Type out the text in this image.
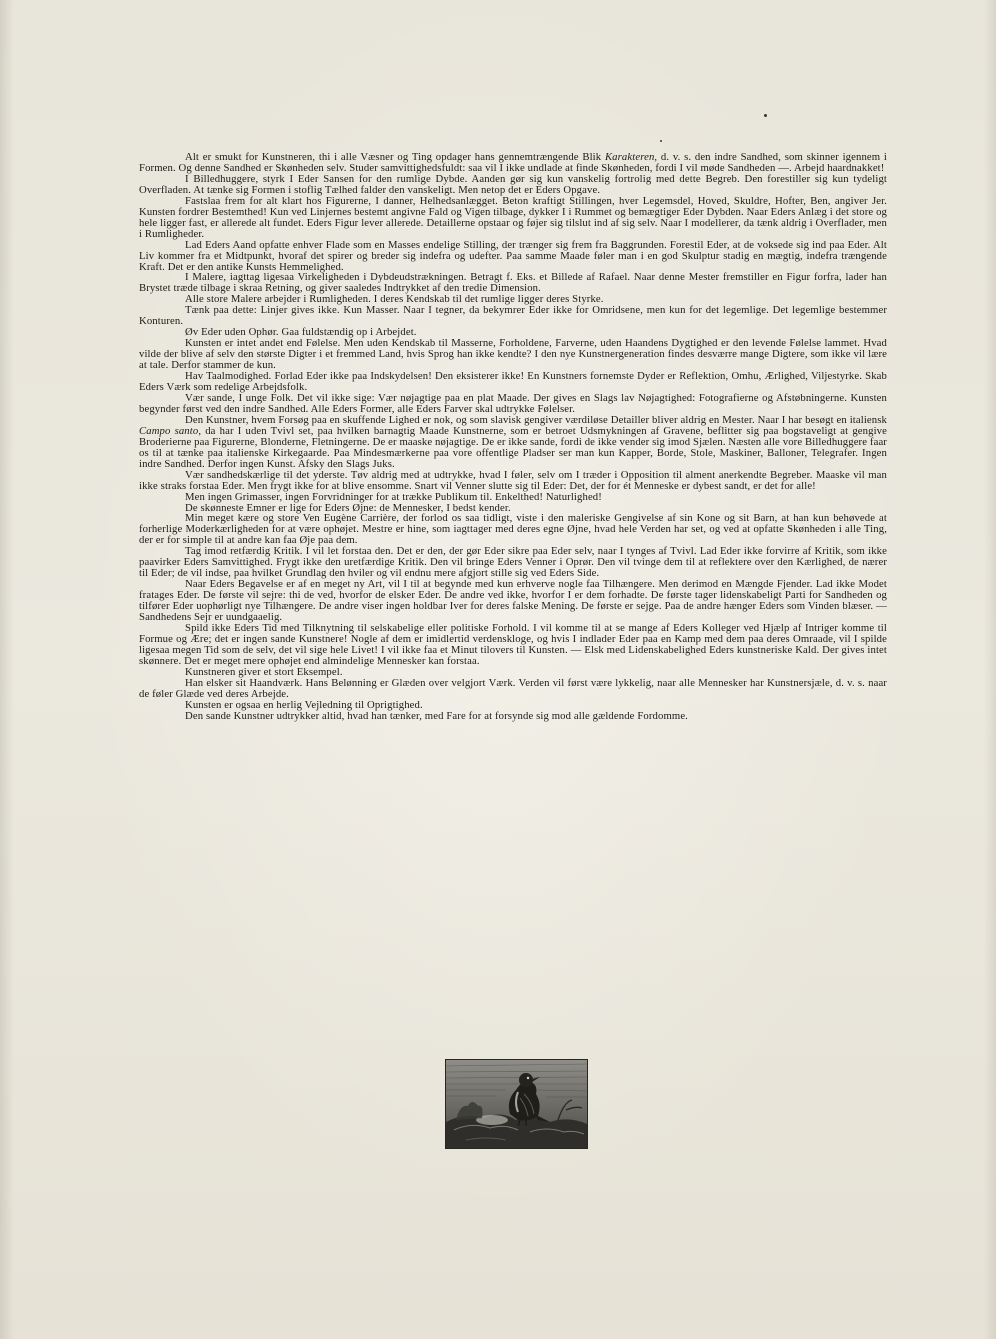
Alt er smukt for Kunstneren, thi i alle Væsner og Ting opdager hans gennemtrængende Blik Karakteren, d. v. s. den indre Sandhed, som skinner igennem i Formen. Og denne Sandhed er Skønheden selv. Studer samvittighedsfuldt: saa vil I ikke undlade at finde Skønheden, fordi I vil møde Sandheden —. Arbejd haardnakket!

I Billedhuggere, styrk I Eder Sansen for den rumlige Dybde. Aanden gør sig kun vanskelig fortrolig med dette Begreb. Den forestiller sig kun tydeligt Overfladen. At tænke sig Formen i stoflig Tælhed falder den vanskeligt. Men netop det er Eders Opgave.

Fastslaa frem for alt klart hos Figurerne, I danner, Helhedsanlægget. Beton kraftigt Stillingen, hver Legemsdel, Hoved, Skuldre, Hofter, Ben, angiver Jer. Kunsten fordrer Bestemthed! Kun ved Linjernes bestemt angivne Fald og Vigen tilbage, dykker I i Rummet og bemægtiger Eder Dybden. Naar Eders Anlæg i det store og hele ligger fast, er allerede alt fundet. Eders Figur lever allerede. Detaillerne opstaar og føjer sig tilslut ind af sig selv. Naar I modellerer, da tænk aldrig i Overflader, men i Rumligheder.

Lad Eders Aand opfatte enhver Flade som en Masses endelige Stilling, der trænger sig frem fra Baggrunden. Forestil Eder, at de voksede sig ind paa Eder. Alt Liv kommer fra et Midtpunkt, hvoraf det spirer og breder sig indefra og udefter. Paa samme Maade føler man i en god Skulptur stadig en mægtig, indefra trængende Kraft. Det er den antike Kunsts Hemmelighed.

I Malere, iagttag ligesaa Virkeligheden i Dybdeudstrækningen. Betragt f. Eks. et Billede af Rafael. Naar denne Mester fremstiller en Figur forfra, lader han Brystet træde tilbage i skraa Retning, og giver saaledes Indtrykket af den tredie Dimension.

Alle store Malere arbejder i Rumligheden. I deres Kendskab til det rumlige ligger deres Styrke.

Tænk paa dette: Linjer gives ikke. Kun Masser. Naar I tegner, da bekymrer Eder ikke for Omridsene, men kun for det legemlige. Det legemlige bestemmer Konturen.

Øv Eder uden Ophør. Gaa fuldstændig op i Arbejdet.

Kunsten er intet andet end Følelse. Men uden Kendskab til Masserne, Forholdene, Farverne, uden Haandens Dygtighed er den levende Følelse lammet. Hvad vilde der blive af selv den største Digter i et fremmed Land, hvis Sprog han ikke kendte? I den nye Kunstnergeneration findes desværre mange Digtere, som ikke vil lære at tale. Derfor stammer de kun.

Hav Taalmodighed. Forlad Eder ikke paa Indskydelsen! Den eksisterer ikke! En Kunstners fornemste Dyder er Reflektion, Omhu, Ærlighed, Viljestyrke. Skab Eders Værk som redelige Arbejdsfolk.

Vær sande, I unge Folk. Det vil ikke sige: Vær nøjagtige paa en plat Maade. Der gives en Slags lav Nøjagtighed: Fotografierne og Afstøbningerne. Kunsten begynder først ved den indre Sandhed. Alle Eders Former, alle Eders Farver skal udtrykke Følelser.

Den Kunstner, hvem Forsøg paa en skuffende Lighed er nok, og som slavisk gengiver værdiløse Detailler bliver aldrig en Mester. Naar I har besøgt en italiensk Campo santo, da har I uden Tvivl set, paa hvilken barnagtig Maade Kunstnerne, som er betroet Udsmykningen af Gravene, beflitter sig paa bogstaveligt at gengive Broderierne paa Figurerne, Blonderne, Fletningerne. De er maaske nøjagtige. De er ikke sande, fordi de ikke vender sig imod Sjælen. Næsten alle vore Billedhuggere faar os til at tænke paa italienske Kirkegaarde. Paa Mindesmærkerne paa vore offentlige Pladser ser man kun Kapper, Borde, Stole, Maskiner, Balloner, Telegrafer. Ingen indre Sandhed. Derfor ingen Kunst. Afsky den Slags Juks.

Vær sandhedskærlige til det yderste. Tøv aldrig med at udtrykke, hvad I føler, selv om I træder i Opposition til alment anerkendte Begreber. Maaske vil man ikke straks forstaa Eder. Men frygt ikke for at blive ensomme. Snart vil Venner slutte sig til Eder: Det, der for ét Menneske er dybest sandt, er det for alle!

Men ingen Grimasser, ingen Forvridninger for at trække Publikum til. Enkelthed! Naturlighed!

De skønneste Emner er lige for Eders Øjne: de Mennesker, I bedst kender.

Min meget kære og store Ven Eugène Carrière, der forlod os saa tidligt, viste i den maleriske Gengivelse af sin Kone og sit Barn, at han kun behøvede at forherlige Moderkærligheden for at være ophøjet. Mestre er hine, som iagttager med deres egne Øjne, hvad hele Verden har set, og ved at opfatte Skønheden i alle Ting, der er for simple til at andre kan faa Øje paa dem.

Tag imod retfærdig Kritik. I vil let forstaa den. Det er den, der gør Eder sikre paa Eder selv, naar I tynges af Tvivl. Lad Eder ikke forvirre af Kritik, som ikke paavirker Eders Samvittighed. Frygt ikke den uretfærdige Kritik. Den vil bringe Eders Venner i Oprør. Den vil tvinge dem til at reflektere over den Kærlighed, de nærer til Eder; de vil indse, paa hvilket Grundlag den hviler og vil endnu mere afgjort stille sig ved Eders Side.

Naar Eders Begavelse er af en meget ny Art, vil I til at begynde med kun erhverve nogle faa Tilhængere. Men derimod en Mængde Fjender. Lad ikke Modet fratages Eder. De første vil sejre: thi de ved, hvorfor de elsker Eder. De andre ved ikke, hvorfor I er dem forhadte. De første tager lidenskabeligt Parti for Sandheden og tilfører Eder uophørligt nye Tilhængere. De andre viser ingen holdbar Iver for deres falske Mening. De første er sejge. Paa de andre hænger Eders som Vinden blæser. — Sandhedens Sejr er uundgaaelig.

Spild ikke Eders Tid med Tilknytning til selskabelige eller politiske Forhold. I vil komme til at se mange af Eders Kolleger ved Hjælp af Intriger komme til Formue og Ære; det er ingen sande Kunstnere! Nogle af dem er imidlertid verdenskloge, og hvis I indlader Eder paa en Kamp med dem paa deres Omraade, vil I spilde ligesaa megen Tid som de selv, det vil sige hele Livet! I vil ikke faa et Minut tilovers til Kunsten. — Elsk med Lidenskabelighed Eders kunstneriske Kald. Der gives intet skønnere. Det er meget mere ophøjet end almindelige Mennesker kan forstaa.

Kunstneren giver et stort Eksempel.

Han elsker sit Haandværk. Hans Belønning er Glæden over velgjort Værk. Verden vil først være lykkelig, naar alle Mennesker har Kunstnersjæle, d. v. s. naar de føler Glæde ved deres Arbejde.

Kunsten er ogsaa en herlig Vejledning til Oprigtighed.

Den sande Kunstner udtrykker altid, hvad han tænker, med Fare for at forsynde sig mod alle gældende Fordomme.
